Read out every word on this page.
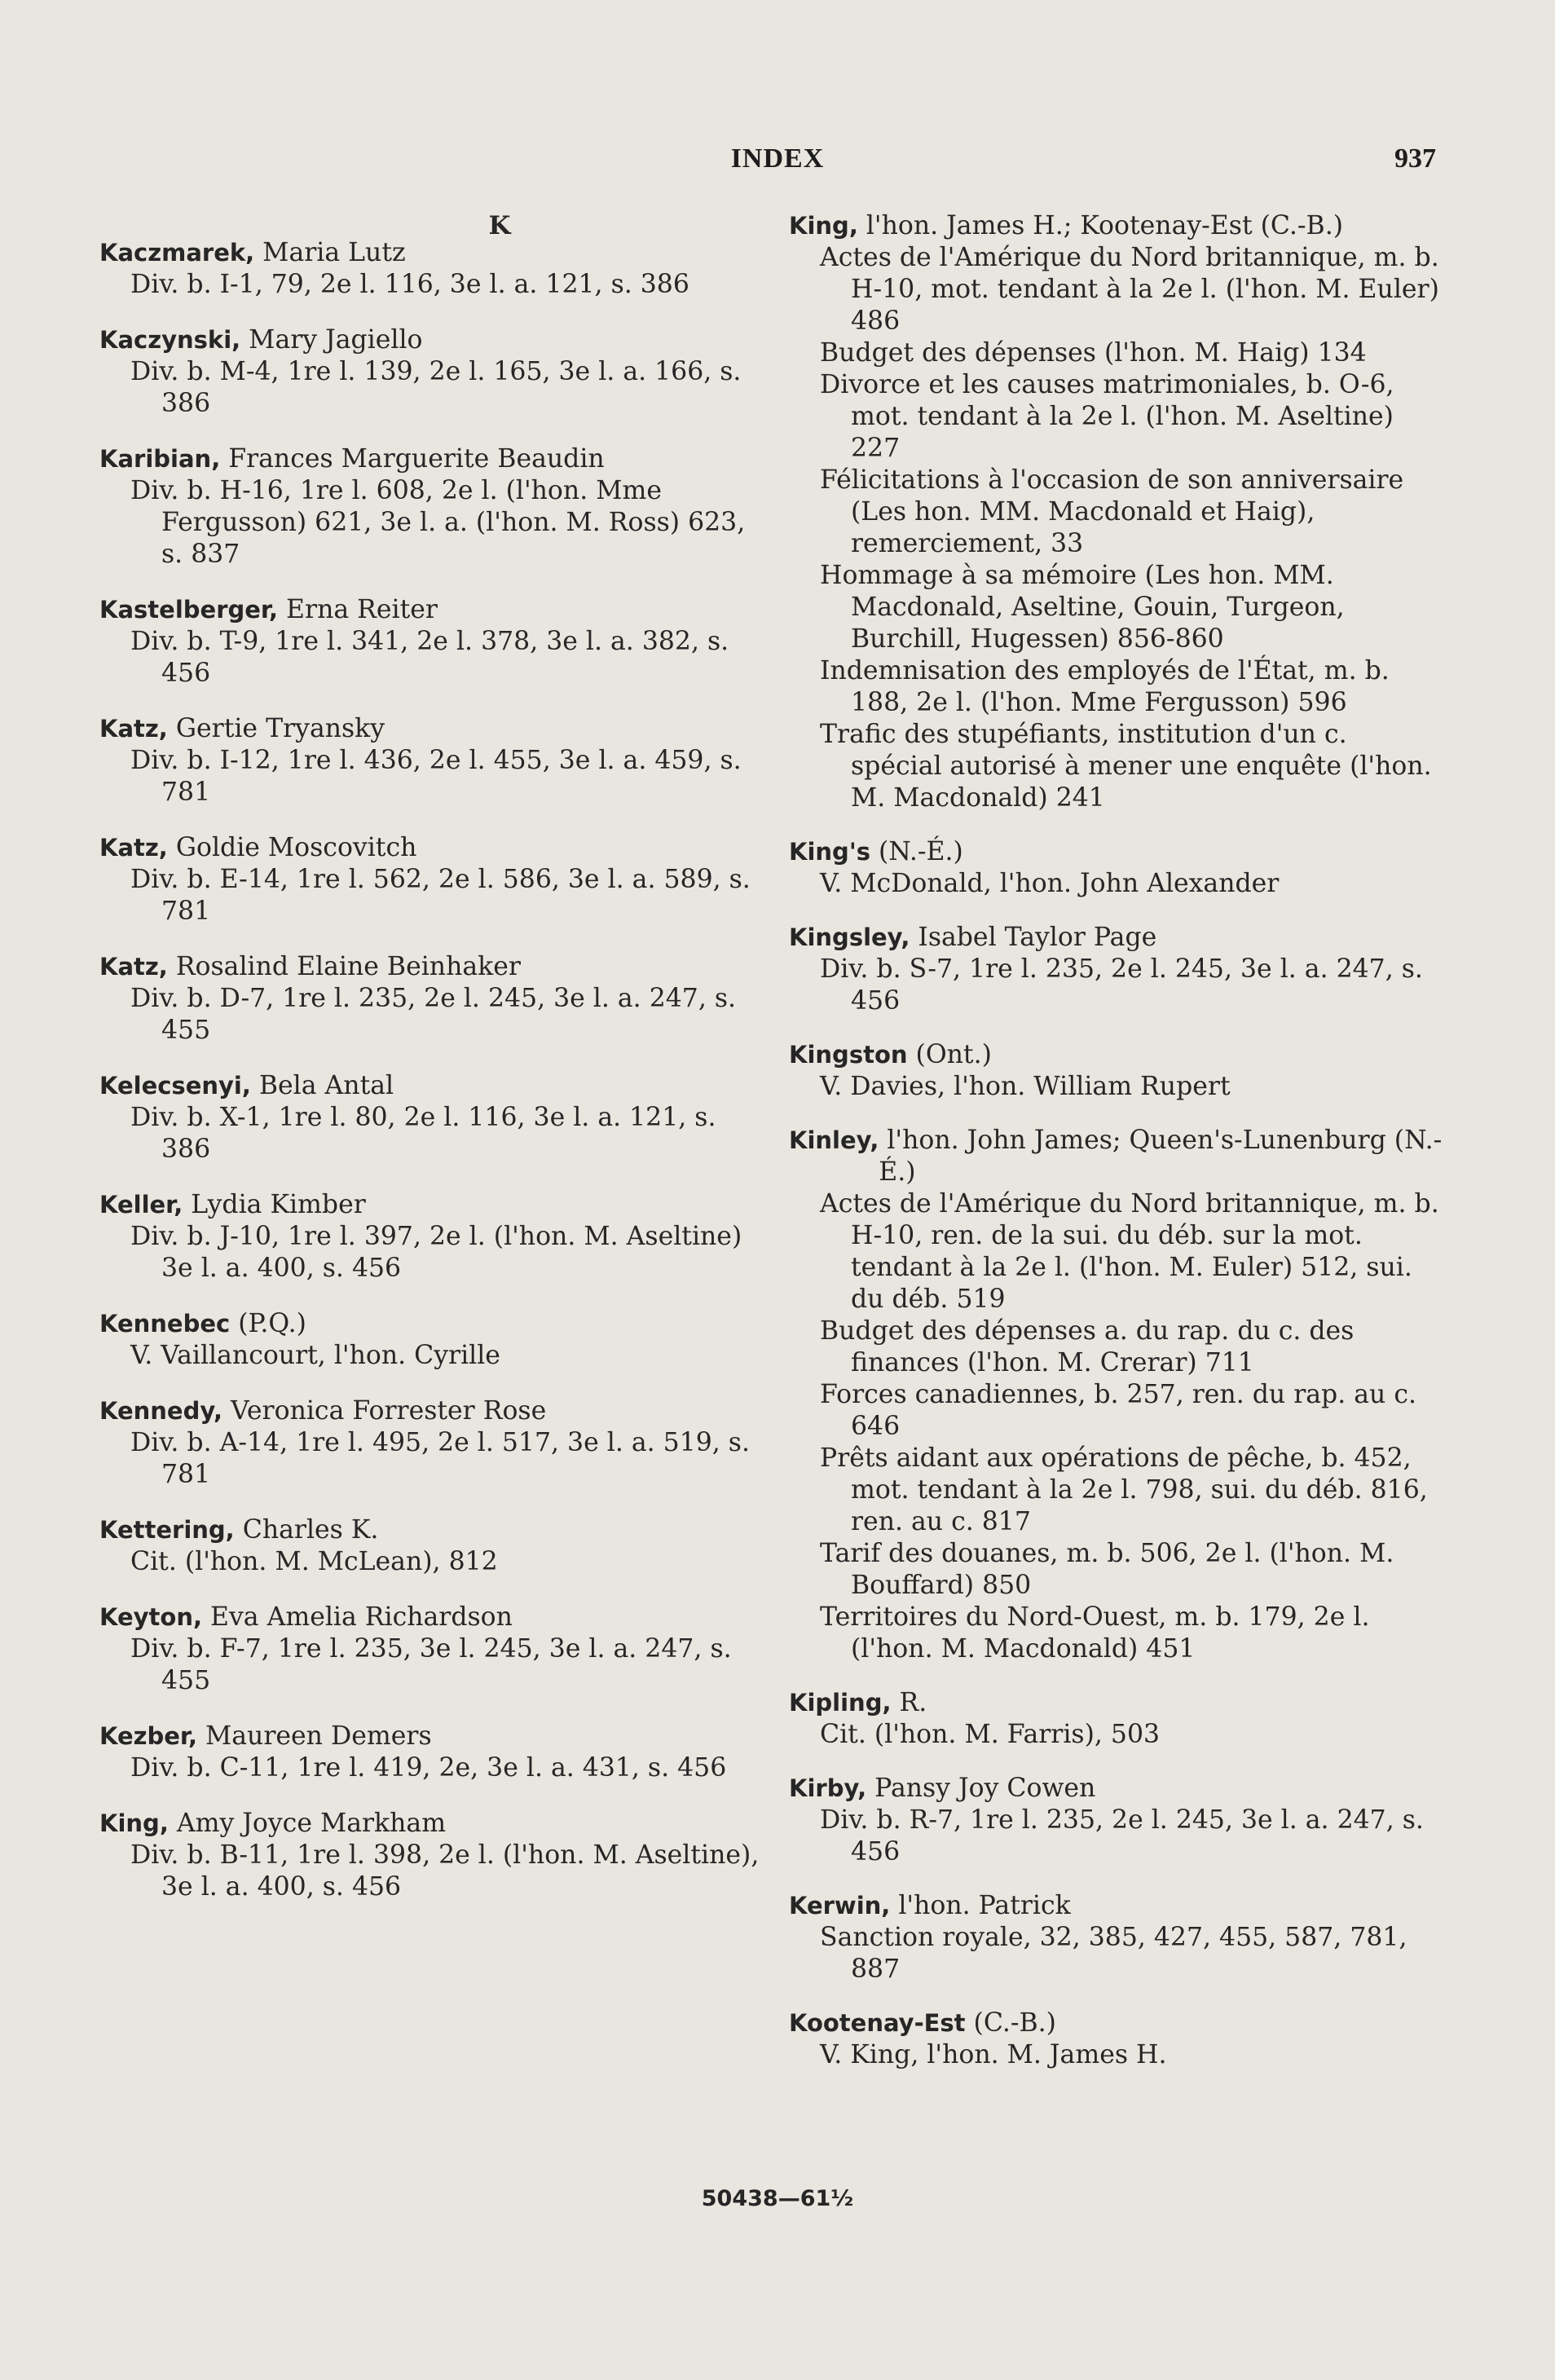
INDEX	937
K
Kaczmarek, Maria Lutz
Div. b. I-1, 79, 2e l. 116, 3e l. a. 121, s. 386
Kaczynski, Mary Jagiello
Div. b. M-4, 1re l. 139, 2e l. 165, 3e l. a. 166, s. 386
Karibian, Frances Marguerite Beaudin
Div. b. H-16, 1re l. 608, 2e l. (l'hon. Mme Fergusson) 621, 3e l. a. (l'hon. M. Ross) 623, s. 837
Kastelberger, Erna Reiter
Div. b. T-9, 1re l. 341, 2e l. 378, 3e l. a. 382, s. 456
Katz, Gertie Tryansky
Div. b. I-12, 1re l. 436, 2e l. 455, 3e l. a. 459, s. 781
Katz, Goldie Moscovitch
Div. b. E-14, 1re l. 562, 2e l. 586, 3e l. a. 589, s. 781
Katz, Rosalind Elaine Beinhaker
Div. b. D-7, 1re l. 235, 2e l. 245, 3e l. a. 247, s. 455
Kelecsenyi, Bela Antal
Div. b. X-1, 1re l. 80, 2e l. 116, 3e l. a. 121, s. 386
Keller, Lydia Kimber
Div. b. J-10, 1re l. 397, 2e l. (l'hon. M. Aseltine) 3e l. a. 400, s. 456
Kennebec (P.Q.)
V. Vaillancourt, l'hon. Cyrille
Kennedy, Veronica Forrester Rose
Div. b. A-14, 1re l. 495, 2e l. 517, 3e l. a. 519, s. 781
Kettering, Charles K.
Cit. (l'hon. M. McLean), 812
Keyton, Eva Amelia Richardson
Div. b. F-7, 1re l. 235, 3e l. 245, 3e l. a. 247, s. 455
Kezber, Maureen Demers
Div. b. C-11, 1re l. 419, 2e, 3e l. a. 431, s. 456
King, Amy Joyce Markham
Div. b. B-11, 1re l. 398, 2e l. (l'hon. M. Aseltine), 3e l. a. 400, s. 456
King, l'hon. James H.; Kootenay-Est (C.-B.)
Actes de l'Amérique du Nord britannique, m. b. H-10, mot. tendant à la 2e l. (l'hon. M. Euler) 486
Budget des dépenses (l'hon. M. Haig) 134
Divorce et les causes matrimoniales, b. O-6, mot. tendant à la 2e l. (l'hon. M. Aseltine) 227
Félicitations à l'occasion de son anniversaire (Les hon. MM. Macdonald et Haig), remerciement, 33
Hommage à sa mémoire (Les hon. MM. Macdonald, Aseltine, Gouin, Turgeon, Burchill, Hugessen) 856-860
Indemnisation des employés de l'État, m. b. 188, 2e l. (l'hon. Mme Fergusson) 596
Trafic des stupéfiants, institution d'un c. spécial autorisé à mener une enquête (l'hon. M. Macdonald) 241
King's (N.-É.)
V. McDonald, l'hon. John Alexander
Kingsley, Isabel Taylor Page
Div. b. S-7, 1re l. 235, 2e l. 245, 3e l. a. 247, s. 456
Kingston (Ont.)
V. Davies, l'hon. William Rupert
Kinley, l'hon. John James; Queen's-Lunenburg (N.-É.)
Actes de l'Amérique du Nord britannique, m. b. H-10, ren. de la sui. du déb. sur la mot. tendant à la 2e l. (l'hon. M. Euler) 512, sui. du déb. 519
Budget des dépenses a. du rap. du c. des finances (l'hon. M. Crerar) 711
Forces canadiennes, b. 257, ren. du rap. au c. 646
Prêts aidant aux opérations de pêche, b. 452, mot. tendant à la 2e l. 798, sui. du déb. 816, ren. au c. 817
Tarif des douanes, m. b. 506, 2e l. (l'hon. M. Bouffard) 850
Territoires du Nord-Ouest, m. b. 179, 2e l. (l'hon. M. Macdonald) 451
Kipling, R.
Cit. (l'hon. M. Farris), 503
Kirby, Pansy Joy Cowen
Div. b. R-7, 1re l. 235, 2e l. 245, 3e l. a. 247, s. 456
Kerwin, l'hon. Patrick
Sanction royale, 32, 385, 427, 455, 587, 781, 887
Kootenay-Est (C.-B.)
V. King, l'hon. M. James H.
50438—61½
